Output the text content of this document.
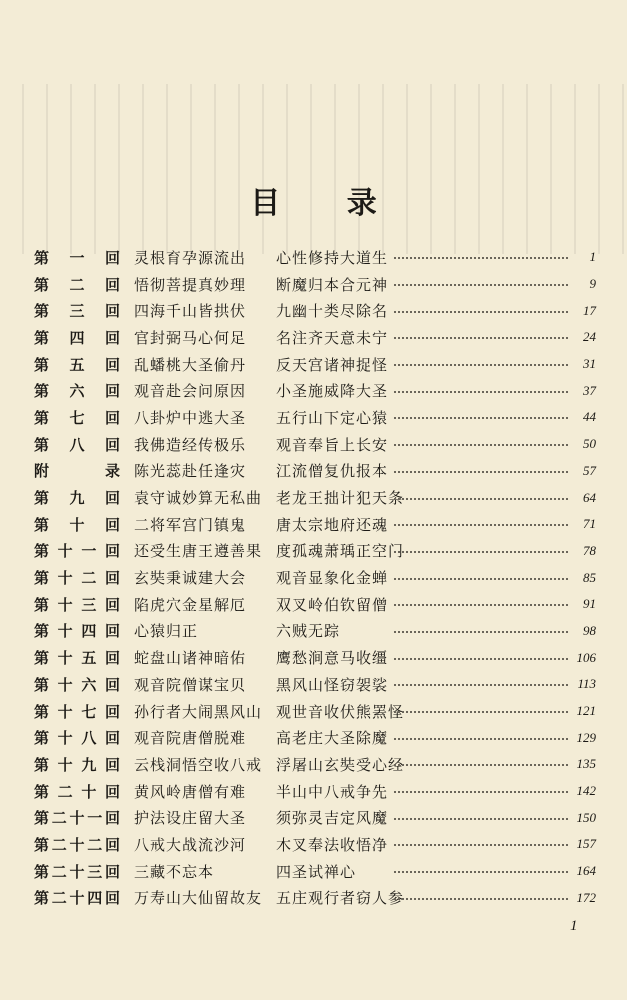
目 录
第 一 回 灵根育孕源流出 心性修持大道生	1
第 二 回 悟彻菩提真妙理 断魔归本合元神	9
第 三 回 四海千山皆拱伏 九幽十类尽除名	17
第 四 回 官封弼马心何足 名注齐天意未宁	24
第 五 回 乱蟠桃大圣偷丹 反天宫诸神捉怪	31
第 六 回 观音赴会问原因 小圣施威降大圣	37
第 七 回 八卦炉中逃大圣 五行山下定心猿	44
第 八 回 我佛造经传极乐 观音奉旨上长安	50
附	录 陈光蕊赴任逢灾 江流僧复仇报本	57
第 九 回 袁守诚妙算无私曲 老龙王拙计犯天条	64
第 十 回 二将军宫门镇鬼 唐太宗地府还魂	71
第 十 一 回 还受生唐王遵善果 度孤魂萧瑀正空门	78
第 十 二 回 玄奘秉诚建大会 观音显象化金蝉	85
第 十 三 回 陷虎穴金星解厄 双叉岭伯钦留僧	91
第 十 四 回 心猿归正	六贼无踪	98
第 十 五 回 蛇盘山诸神暗佑 鹰愁涧意马收缰	106
第 十 六 回 观音院僧谋宝贝 黑风山怪窃袈裟	113
第 十 七 回 孙行者大闹黑风山 观世音收伏熊罴怪	121
第 十 八 回 观音院唐僧脱难 高老庄大圣除魔	129
第 十 九 回 云栈洞悟空收八戒 浮屠山玄奘受心经	135
第 二 十 回 黄风岭唐僧有难 半山中八戒争先	142
第 二 十 一 回 护法设庄留大圣 须弥灵吉定风魔	150
第 二 十 二 回 八戒大战流沙河 木叉奉法收悟净	157
第 二 十 三 回 三藏不忘本	四圣试禅心	164
第 二 十 四 回 万寿山大仙留故友 五庄观行者窃人参	172
1
